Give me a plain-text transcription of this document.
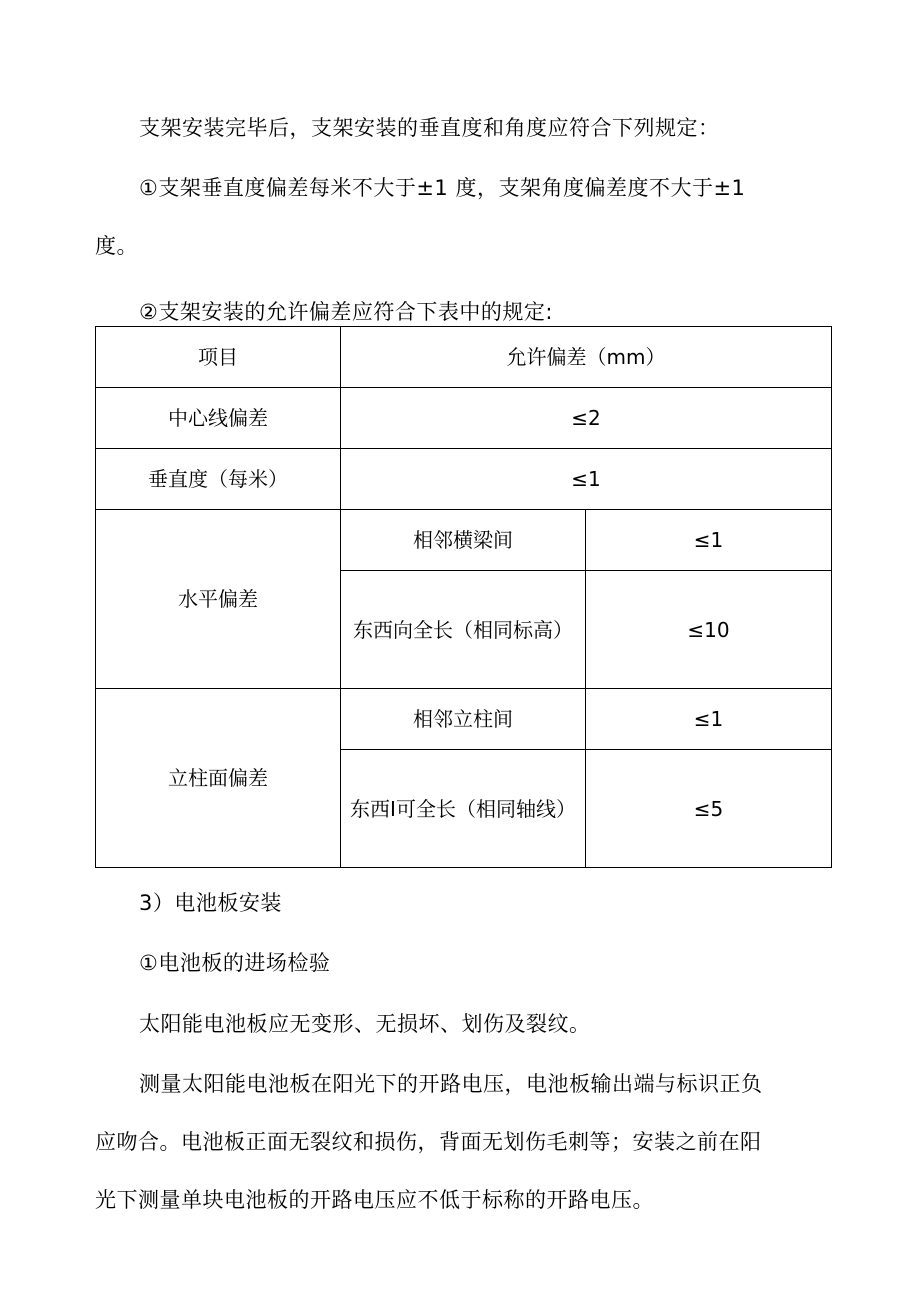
支架安装完毕后，支架安装的垂直度和角度应符合下列规定：
①支架垂直度偏差每米不大于±1 度，支架角度偏差度不大于±1
度。
②支架安装的允许偏差应符合下表中的规定:
项目	允许偏差（mm）	
中心线偏差	≤2	
垂直度（每米）	≤1	
水平偏差	相邻横梁间	≤1
	东西向全长（相同标高）	≤10
立柱面偏差	相邻立柱间	≤1
	东西I可全长（相同轴线）	≤5
3）电池板安装
①电池板的进场检验
太阳能电池板应无变形、无损坏、划伤及裂纹。
测量太阳能电池板在阳光下的开路电压，电池板输出端与标识正负
应吻合。电池板正面无裂纹和损伤，背面无划伤毛刺等；安装之前在阳
光下测量单块电池板的开路电压应不低于标称的开路电压。
